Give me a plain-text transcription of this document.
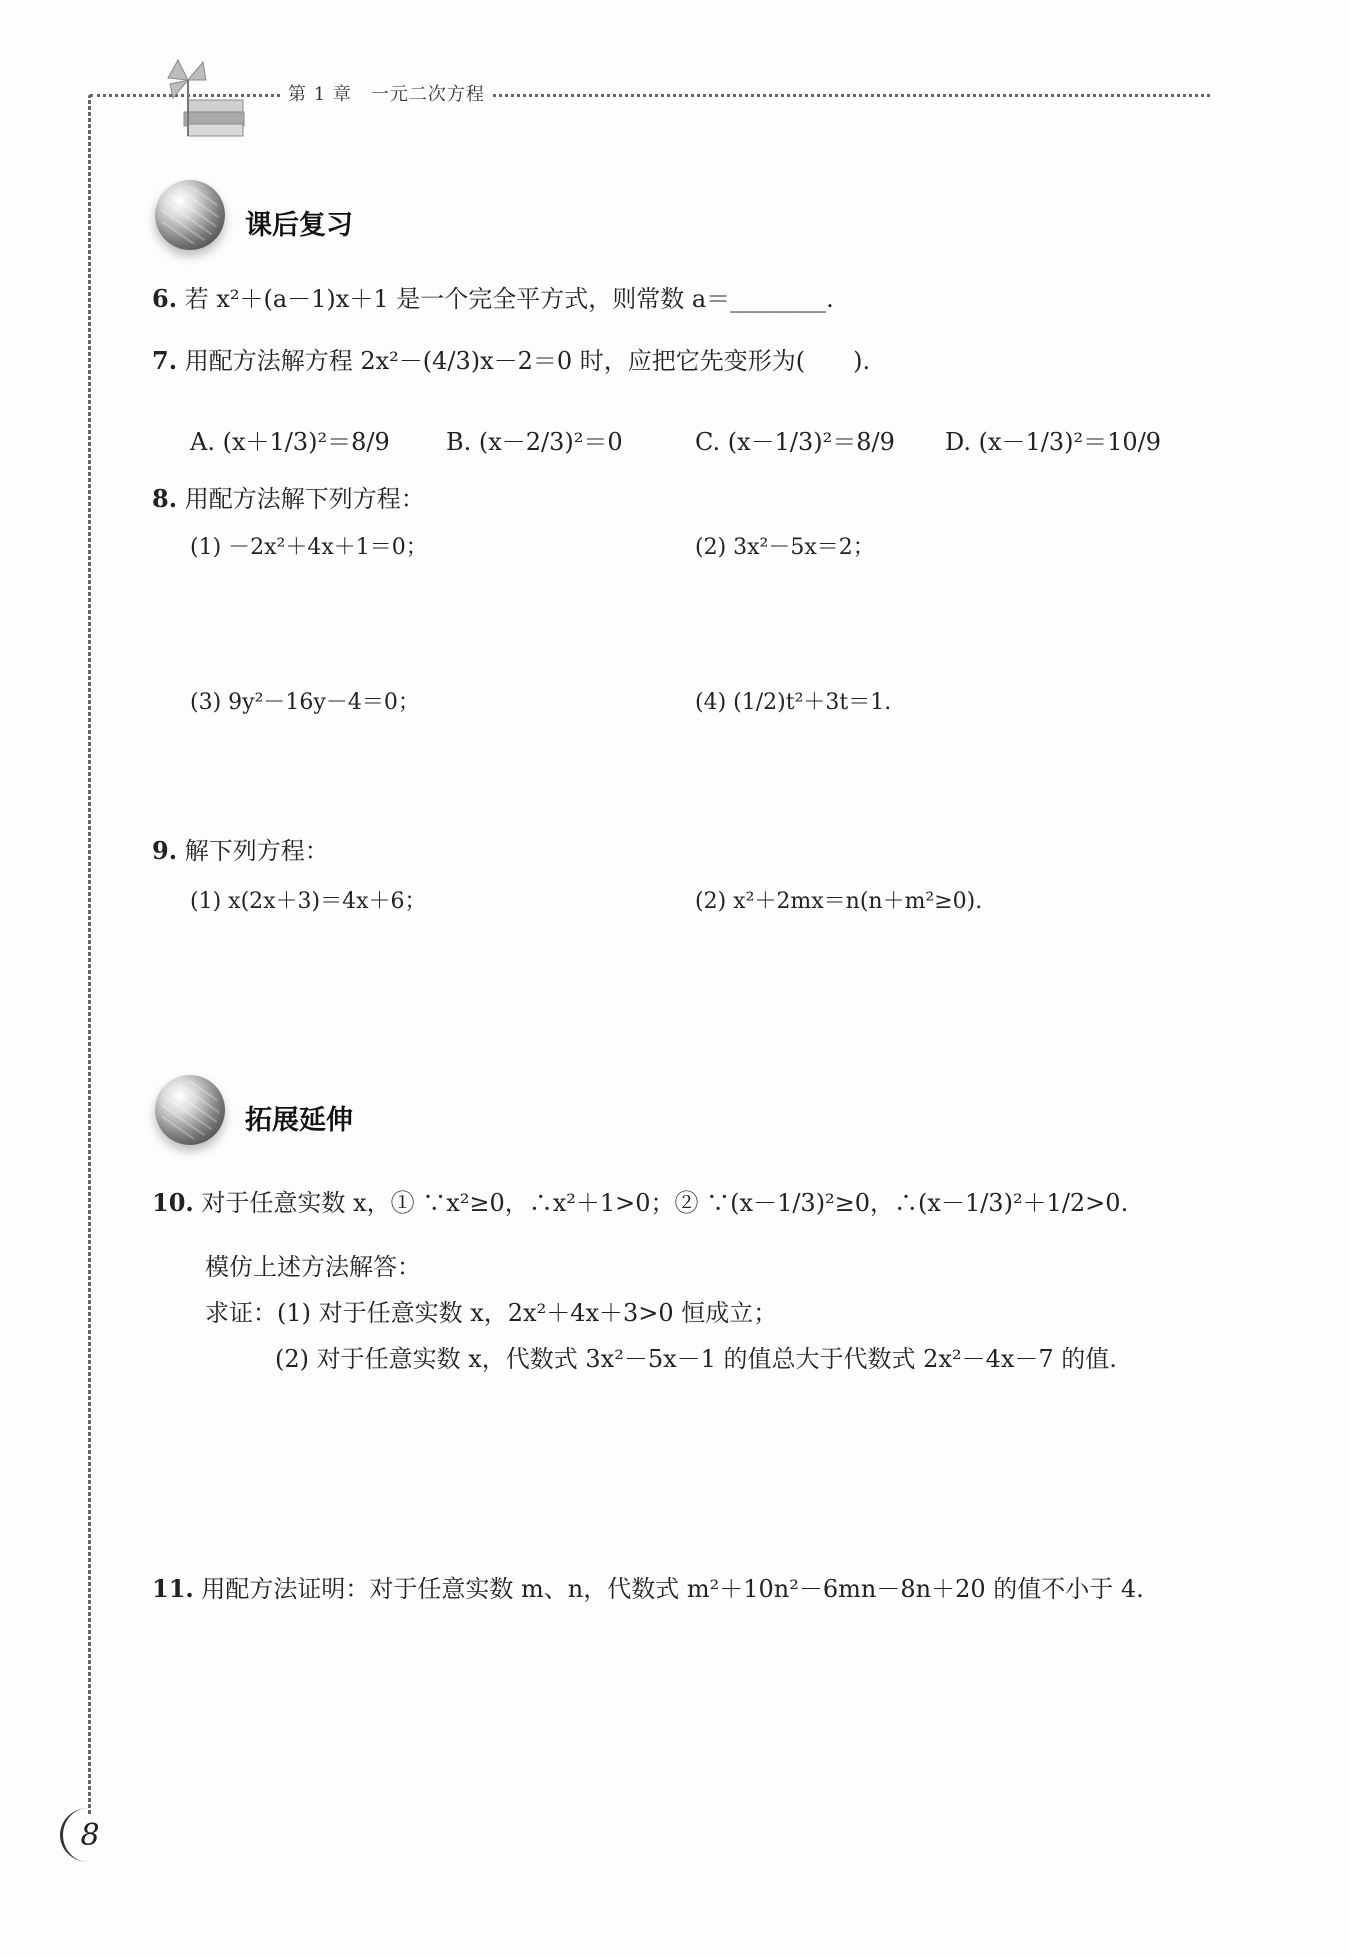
第 1 章　一元二次方程
课后复习
6. 若 x²＋(a－1)x＋1 是一个完全平方式，则常数 a＝________.
7. 用配方法解方程 2x²－(4/3)x－2＝0 时，应把它先变形为(　　).
A. (x＋1/3)²＝8/9 B. (x－2/3)²＝0	C. (x－1/3)²＝8/9 D. (x－1/3)²＝10/9
8. 用配方法解下列方程：
(1) －2x²＋4x＋1＝0；	(2) 3x²－5x＝2；
(3) 9y²－16y－4＝0；	(4) (1/2)t²＋3t＝1.
9. 解下列方程：
(1) x(2x＋3)＝4x＋6；	(2) x²＋2mx＝n(n＋m²≥0).
拓展延伸
10. 对于任意实数 x，① ∵x²≥0，∴x²＋1>0；② ∵(x－1/3)²≥0，∴(x－1/3)²＋1/2>0.
模仿上述方法解答：
求证：(1) 对于任意实数 x，2x²＋4x＋3>0 恒成立；
(2) 对于任意实数 x，代数式 3x²－5x－1 的值总大于代数式 2x²－4x－7 的值.
11. 用配方法证明：对于任意实数 m、n，代数式 m²＋10n²－6mn－8n＋20 的值不小于 4.
8
